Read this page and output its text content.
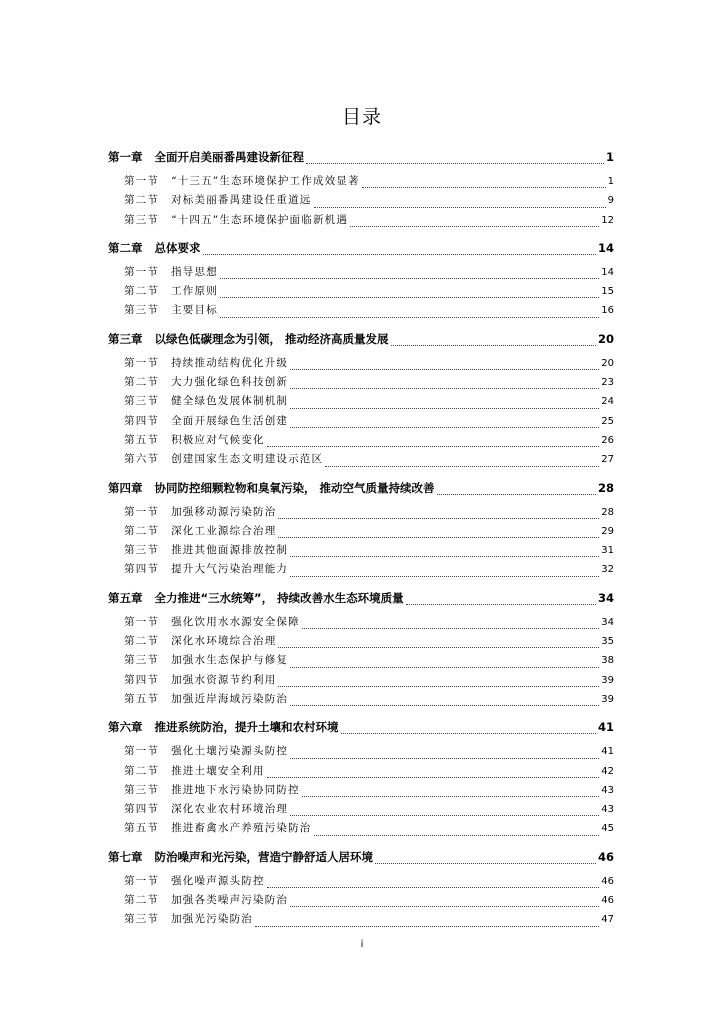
目录
第一章 全面开启美丽番禺建设新征程	1
第一节 “十三五”生态环境保护工作成效显著	1
第二节 对标美丽番禺建设任重道远	9
第三节 “十四五”生态环境保护面临新机遇	12
第二章 总体要求	14
第一节 指导思想	14
第二节 工作原则	15
第三节 主要目标	16
第三章 以绿色低碳理念为引领， 推动经济高质量发展	20
第一节 持续推动结构优化升级	20
第二节 大力强化绿色科技创新	23
第三节 健全绿色发展体制机制	24
第四节 全面开展绿色生活创建	25
第五节 积极应对气候变化	26
第六节 创建国家生态文明建设示范区	27
第四章 协同防控细颗粒物和臭氧污染， 推动空气质量持续改善	28
第一节 加强移动源污染防治	28
第二节 深化工业源综合治理	29
第三节 推进其他面源排放控制	31
第四节 提升大气污染治理能力	32
第五章 全力推进“三水统筹”， 持续改善水生态环境质量	34
第一节 强化饮用水水源安全保障	34
第二节 深化水环境综合治理	35
第三节 加强水生态保护与修复	38
第四节 加强水资源节约利用	39
第五节 加强近岸海域污染防治	39
第六章 推进系统防治，提升土壤和农村环境	41
第一节 强化土壤污染源头防控	41
第二节 推进土壤安全利用	42
第三节 推进地下水污染协同防控	43
第四节 深化农业农村环境治理	43
第五节 推进畜禽水产养殖污染防治	45
第七章 防治噪声和光污染，营造宁静舒适人居环境	46
第一节 强化噪声源头防控	46
第二节 加强各类噪声污染防治	46
第三节 加强光污染防治	47
i
